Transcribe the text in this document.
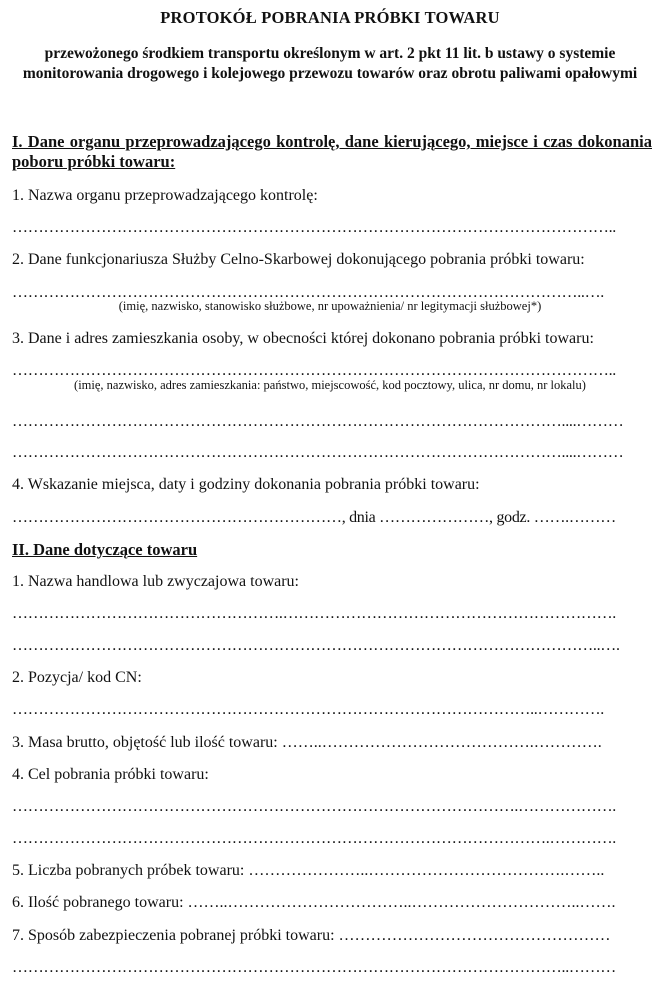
PROTOKÓŁ POBRANIA PRÓBKI TOWARU
przewożonego środkiem transportu określonym w art. 2 pkt 11 lit. b ustawy o systemie monitorowania drogowego i kolejowego przewozu towarów oraz obrotu paliwami opałowymi
I. Dane organu przeprowadzającego kontrolę, dane kierującego, miejsce i czas dokonania poboru próbki towaru:
1. Nazwa organu przeprowadzającego kontrolę:
……………………………………………………………………………………………………..
2. Dane funkcjonariusza Służby Celno-Skarbowej dokonującego pobrania próbki towaru:
………………………………………………………………………………………………..….
(imię, nazwisko, stanowisko służbowe, nr upoważnienia/ nr legitymacji służbowej*)
3. Dane i adres zamieszkania osoby, w obecności której dokonano pobrania próbki towaru:
……………………………………………………………………………………………………..
(imię, nazwisko, adres zamieszkania: państwo, miejscowość, kod pocztowy, ulica, nr domu, nr lokalu)
……………………………………………………………………………………………....………
……………………………………………………………………………………………....………
4. Wskazanie miejsca, daty i godziny dokonania pobrania próbki towaru:
………………………………………………………, dnia …………………, godz. …….………
II. Dane dotyczące towaru
1. Nazwa handlowa lub zwyczajowa towaru:
…………………………………………….……………………………………………………….
…………………………………………………………………………………………………..….
2. Pozycja/ kod CN:
………………………………………………………………………………………..………….
3. Masa brutto, objętość lub ilość towaru: ……..………………………………….………….
4. Cel pobrania próbki towaru:
…………………………………………………………………………………….……………….
………………………………………………………………………………………….………….
5. Liczba pobranych próbek towaru: …………………..……………………………….……..
6. Ilość pobranego towaru: ……..……………………………..…………………………..…….
7. Sposób zabezpieczenia pobranej próbki towaru: ……………………………………………
……………………………………………………………………………………………..………
